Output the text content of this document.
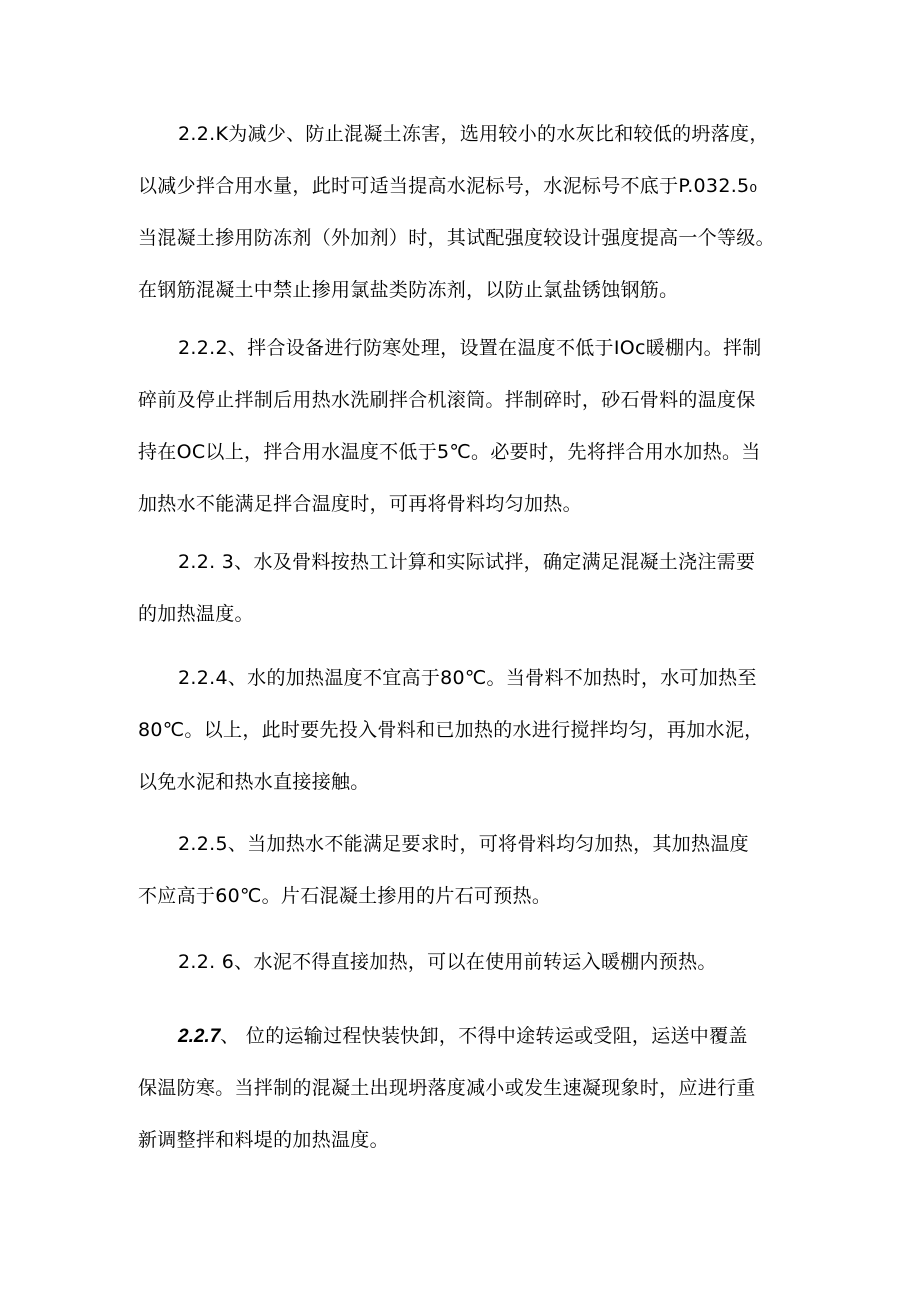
2.2.K为减少、防止混凝土冻害，选用较小的水灰比和较低的坍落度，
以减少拌合用水量，此时可适当提高水泥标号，水泥标号不底于P.032.5₀
当混凝土掺用防冻剂（外加剂）时，其试配强度较设计强度提高一个等级。
在钢筋混凝土中禁止掺用氯盐类防冻剂，以防止氯盐锈蚀钢筋。
2.2.2、拌合设备进行防寒处理，设置在温度不低于IOc暖棚内。拌制
碎前及停止拌制后用热水洗刷拌合机滚筒。拌制碎时，砂石骨料的温度保
持在OC以上，拌合用水温度不低于5℃。必要时，先将拌合用水加热。当
加热水不能满足拌合温度时，可再将骨料均匀加热。
2.2. 3、水及骨料按热工计算和实际试拌，确定满足混凝土浇注需要
的加热温度。
2.2.4、水的加热温度不宜高于80℃。当骨料不加热时，水可加热至
80℃。以上，此时要先投入骨料和已加热的水进行搅拌均匀，再加水泥，
以免水泥和热水直接接触。
2.2.5、当加热水不能满足要求时，可将骨料均匀加热，其加热温度
不应高于60℃。片石混凝土掺用的片石可预热。
2.2. 6、水泥不得直接加热，可以在使用前转运入暖棚内预热。
2.2.7、 位的运输过程快装快卸，不得中途转运或受阻，运送中覆盖
保温防寒。当拌制的混凝土出现坍落度减小或发生速凝现象时，应进行重
新调整拌和料堤的加热温度。
